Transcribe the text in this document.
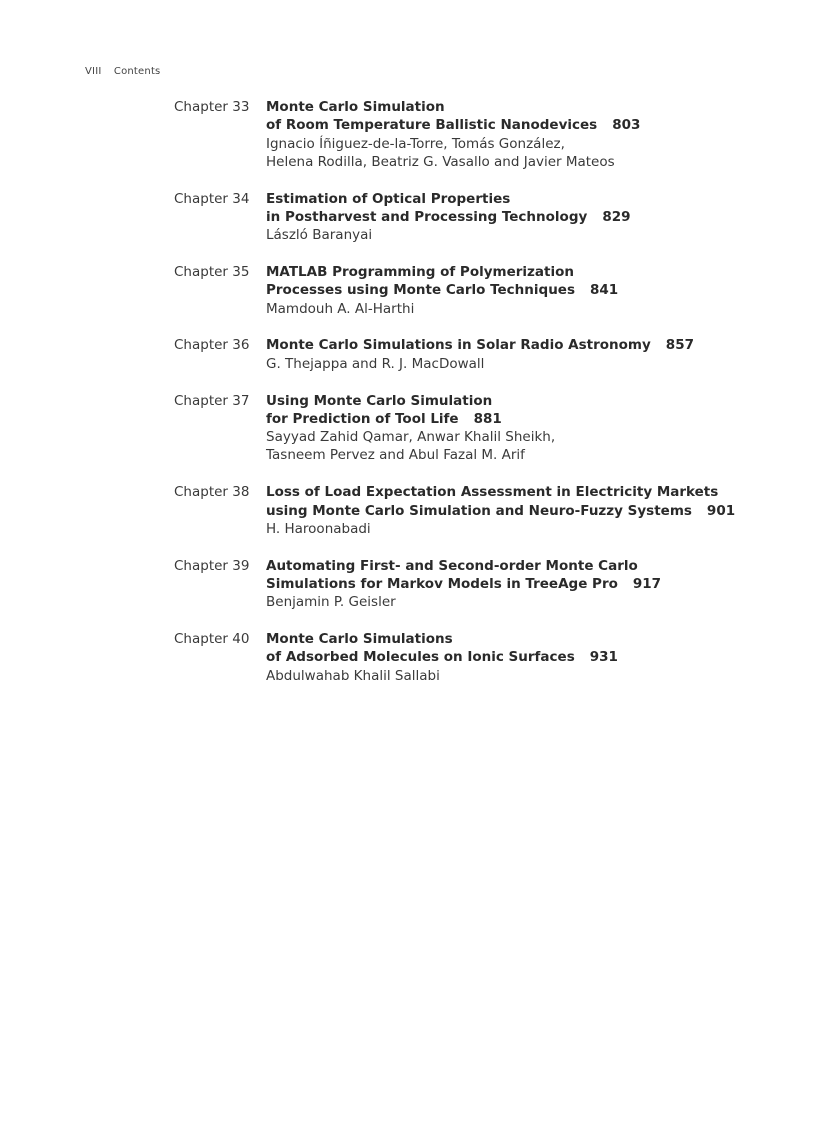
VIII Contents
Chapter 33	Monte Carlo Simulation
of Room Temperature Ballistic Nanodevices 803
Ignacio Íñiguez-de-la-Torre, Tomás González,
Helena Rodilla, Beatriz G. Vasallo and Javier Mateos
Chapter 34	Estimation of Optical Properties
in Postharvest and Processing Technology 829
László Baranyai
Chapter 35	MATLAB Programming of Polymerization
Processes using Monte Carlo Techniques 841
Mamdouh A. Al-Harthi
Chapter 36	Monte Carlo Simulations in Solar Radio Astronomy 857
G. Thejappa and R. J. MacDowall
Chapter 37	Using Monte Carlo Simulation
for Prediction of Tool Life 881
Sayyad Zahid Qamar, Anwar Khalil Sheikh,
Tasneem Pervez and Abul Fazal M. Arif
Chapter 38	Loss of Load Expectation Assessment in Electricity Markets
using Monte Carlo Simulation and Neuro-Fuzzy Systems 901
H. Haroonabadi
Chapter 39	Automating First- and Second-order Monte Carlo
Simulations for Markov Models in TreeAge Pro 917
Benjamin P. Geisler
Chapter 40	Monte Carlo Simulations
of Adsorbed Molecules on Ionic Surfaces 931
Abdulwahab Khalil Sallabi
